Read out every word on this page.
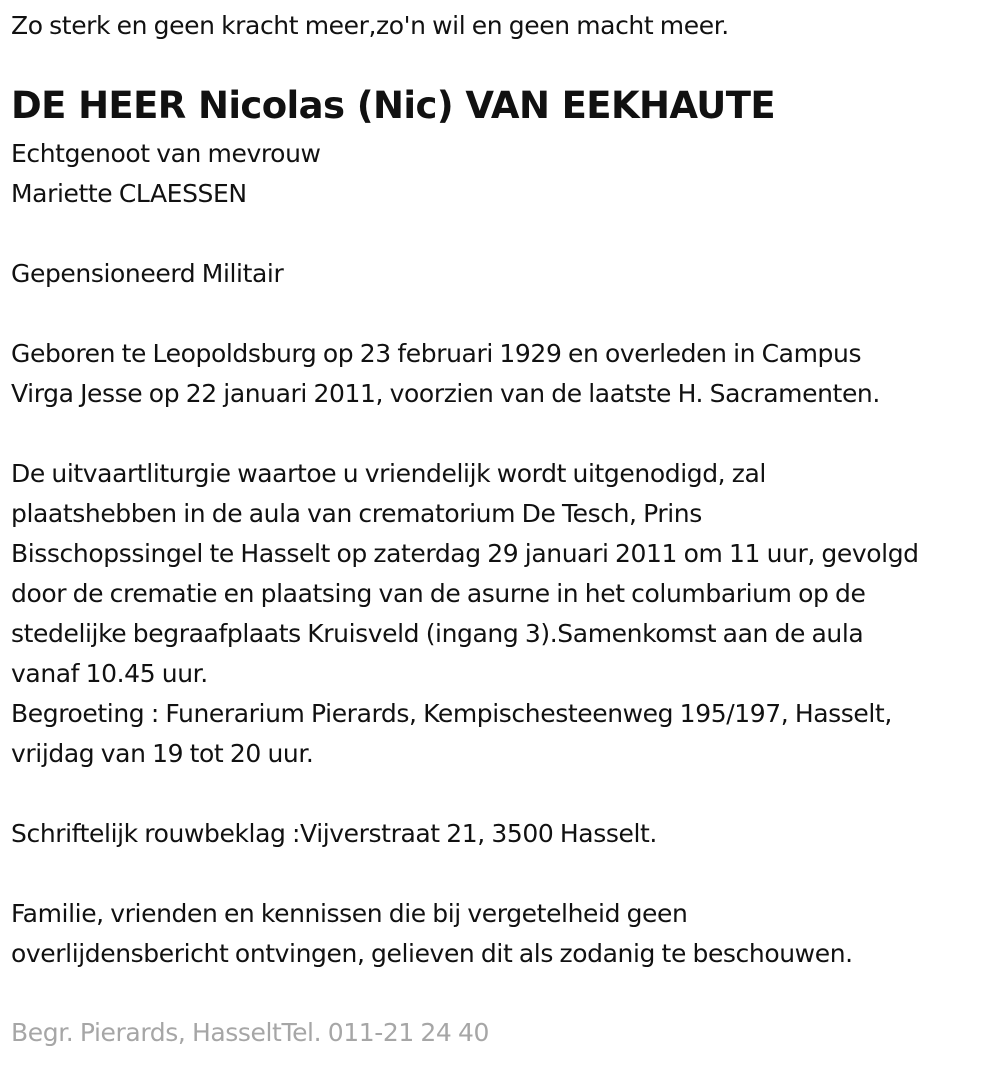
Zo sterk en geen kracht meer,zo'n wil en geen macht meer.
DE HEER Nicolas (Nic) VAN EEKHAUTE
Echtgenoot van mevrouw
Mariette CLAESSEN
Gepensioneerd Militair
Geboren te Leopoldsburg op 23 februari 1929 en overleden in Campus
Virga Jesse op 22 januari 2011, voorzien van de laatste H. Sacramenten.
De uitvaartliturgie waartoe u vriendelijk wordt uitgenodigd, zal
plaatshebben in de aula van crematorium De Tesch, Prins
Bisschopssingel te Hasselt op zaterdag 29 januari 2011 om 11 uur, gevolgd
door de crematie en plaatsing van de asurne in het columbarium op de
stedelijke begraafplaats Kruisveld (ingang 3).Samenkomst aan de aula
vanaf 10.45 uur.
Begroeting : Funerarium Pierards, Kempischesteenweg 195/197, Hasselt,
vrijdag van 19 tot 20 uur.
Schriftelijk rouwbeklag :Vijverstraat 21, 3500 Hasselt.
Familie, vrienden en kennissen die bij vergetelheid geen
overlijdensbericht ontvingen, gelieven dit als zodanig te beschouwen.
Begr. Pierards, HasseltTel. 011-21 24 40
